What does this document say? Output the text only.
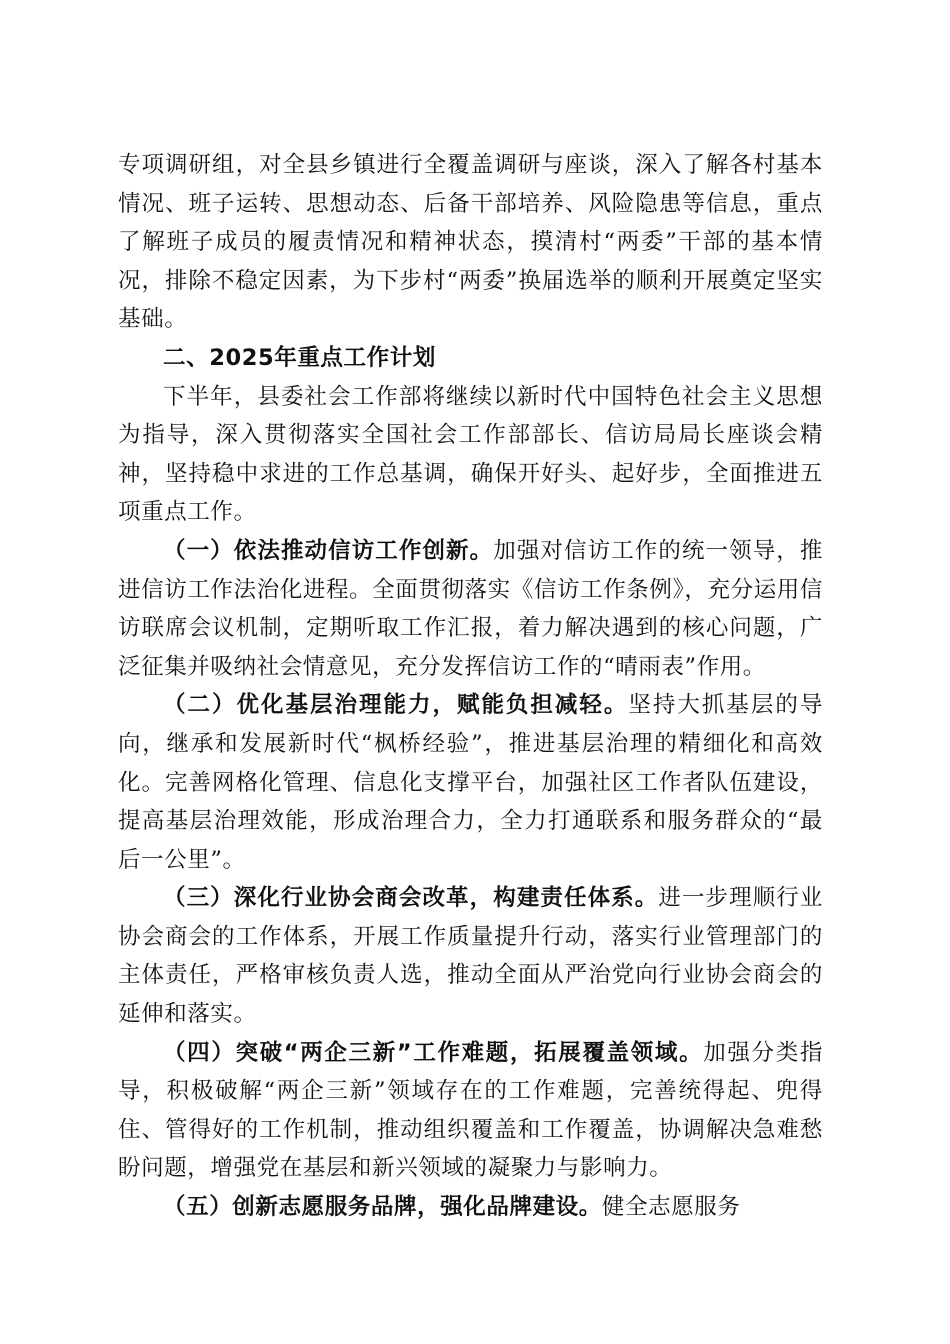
专项调研组，对全县乡镇进行全覆盖调研与座谈，深入了解各村基本情况、班子运转、思想动态、后备干部培养、风险隐患等信息，重点了解班子成员的履责情况和精神状态，摸清村“两委”干部的基本情况，排除不稳定因素，为下步村“两委”换届选举的顺利开展奠定坚实基础。

二、2025年重点工作计划

下半年，县委社会工作部将继续以新时代中国特色社会主义思想为指导，深入贯彻落实全国社会工作部部长、信访局局长座谈会精神，坚持稳中求进的工作总基调，确保开好头、起好步，全面推进五项重点工作。

（一）依法推动信访工作创新。加强对信访工作的统一领导，推进信访工作法治化进程。全面贯彻落实《信访工作条例》，充分运用信访联席会议机制，定期听取工作汇报，着力解决遇到的核心问题，广泛征集并吸纳社会情意见，充分发挥信访工作的“晴雨表”作用。

（二）优化基层治理能力，赋能负担减轻。坚持大抓基层的导向，继承和发展新时代“枫桥经验”，推进基层治理的精细化和高效化。完善网格化管理、信息化支撑平台，加强社区工作者队伍建设，提高基层治理效能，形成治理合力，全力打通联系和服务群众的“最后一公里”。

（三）深化行业协会商会改革，构建责任体系。进一步理顺行业协会商会的工作体系，开展工作质量提升行动，落实行业管理部门的主体责任，严格审核负责人选，推动全面从严治党向行业协会商会的延伸和落实。

（四）突破“两企三新”工作难题，拓展覆盖领域。加强分类指导，积极破解“两企三新”领域存在的工作难题，完善统得起、兜得住、管得好的工作机制，推动组织覆盖和工作覆盖，协调解决急难愁盼问题，增强党在基层和新兴领域的凝聚力与影响力。

（五）创新志愿服务品牌，强化品牌建设。健全志愿服务
